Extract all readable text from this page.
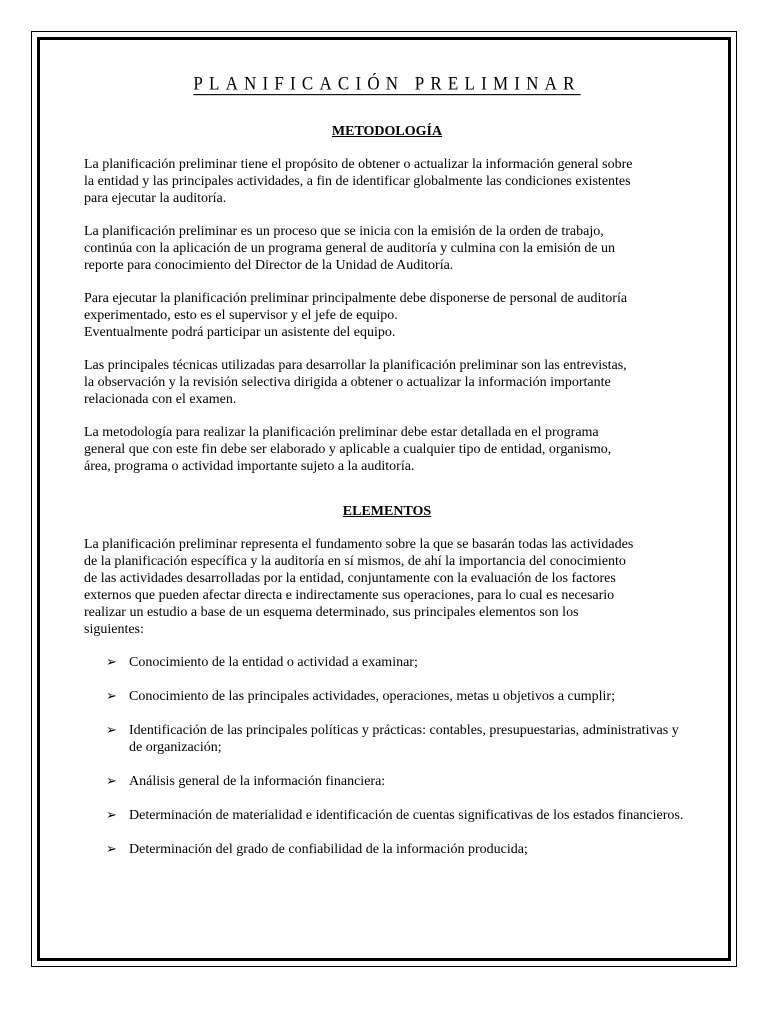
PLANIFICACIÓN PRELIMINAR
METODOLOGÍA

La planificación preliminar tiene el propósito de obtener o actualizar la información general sobre
la entidad y las principales actividades, a fin de identificar globalmente las condiciones existentes
para ejecutar la auditoría.

La planificación preliminar es un proceso que se inicia con la emisión de la orden de trabajo,
continúa con la aplicación de un programa general de auditoría y culmina con la emisión de un
reporte para conocimiento del Director de la Unidad de Auditoría.

Para ejecutar la planificación preliminar principalmente debe disponerse de personal de auditoría
experimentado, esto es el supervisor y el jefe de equipo.
Eventualmente podrá participar un asistente del equipo.

Las principales técnicas utilizadas para desarrollar la planificación preliminar son las entrevistas,
la observación y la revisión selectiva dirigida a obtener o actualizar la información importante
relacionada con el examen.

La metodología para realizar la planificación preliminar debe estar detallada en el programa
general que con este fin debe ser elaborado y aplicable a cualquier tipo de entidad, organismo,
área, programa o actividad importante sujeto a la auditoría.

ELEMENTOS

La planificación preliminar representa el fundamento sobre la que se basarán todas las actividades
de la planificación específica y la auditoría en sí mismos, de ahí la importancia del conocimiento
de las actividades desarrolladas por la entidad, conjuntamente con la evaluación de los factores
externos que pueden afectar directa e indirectamente sus operaciones, para lo cual es necesario
realizar un estudio a base de un esquema determinado, sus principales elementos son los
siguientes:

➢ Conocimiento de la entidad o actividad a examinar;
➢ Conocimiento de las principales actividades, operaciones, metas u objetivos a cumplir;
➢ Identificación de las principales políticas y prácticas: contables, presupuestarias, administrativas y de organización;
➢ Análisis general de la información financiera:
➢ Determinación de materialidad e identificación de cuentas significativas de los estados financieros.
➢ Determinación del grado de confiabilidad de la información producida;
